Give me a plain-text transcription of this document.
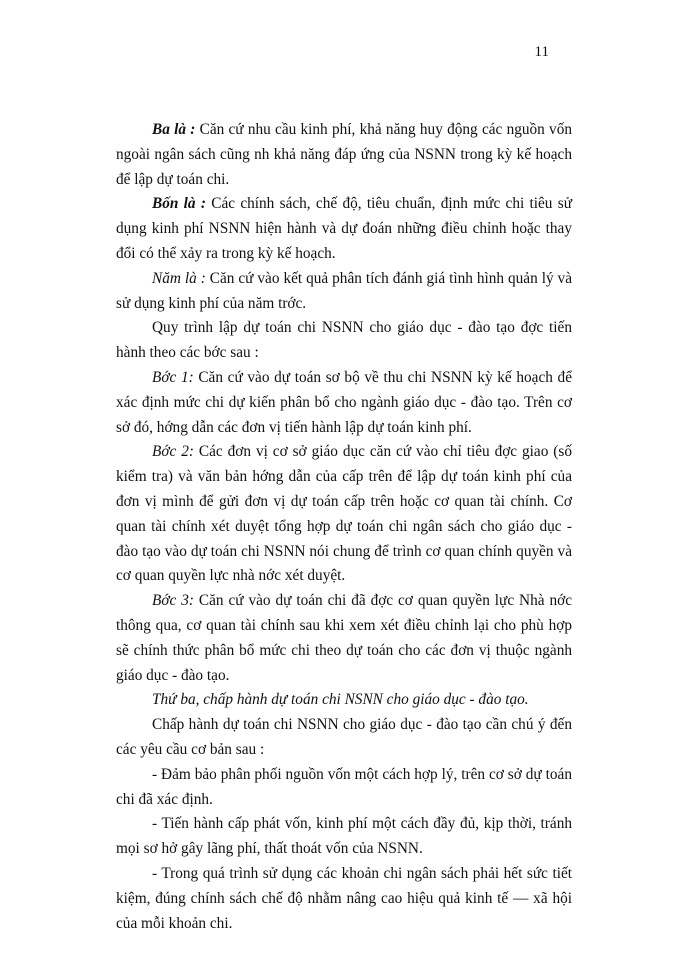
11

Ba là : Căn cứ nhu cầu kinh phí, khả năng huy động các nguồn vốn ngoài ngân sách cũng nh khả năng đáp ứng của NSNN trong kỳ kế hoạch để lập dự toán chi.

Bốn là : Các chính sách, chế độ, tiêu chuẩn, định mức chi tiêu sử dụng kinh phí NSNN hiện hành và dự đoán những điều chỉnh hoặc thay đổi có thể xảy ra trong kỳ kế hoạch.

Năm là : Căn cứ vào kết quả phân tích đánh giá tình hình quản lý và sử dụng kinh phí của năm trớc.

Quy trình lập dự toán chi NSNN cho giáo dục - đào tạo đợc tiến hành theo các bớc sau :

Bớc 1: Căn cứ vào dự toán sơ bộ về thu chi NSNN kỳ kế hoạch để xác định mức chi dự kiến phân bổ cho ngành giáo dục - đào tạo. Trên cơ sở đó, hớng dẫn các đơn vị tiến hành lập dự toán kinh phí.

Bớc 2: Các đơn vị cơ sở giáo dục căn cứ vào chỉ tiêu đợc giao (số kiểm tra) và văn bản hớng dẫn của cấp trên để lập dự toán kinh phí của đơn vị mình để gửi đơn vị dự toán cấp trên hoặc cơ quan tài chính. Cơ quan tài chính xét duyệt tổng hợp dự toán chi ngân sách cho giáo dục - đào tạo vào dự toán chi NSNN nói chung để trình cơ quan chính quyền và cơ quan quyền lực nhà nớc xét duyệt.

Bớc 3: Căn cứ vào dự toán chi đã đợc cơ quan quyền lực Nhà nớc thông qua, cơ quan tài chính sau khi xem xét điều chỉnh lại cho phù hợp sẽ chính thức phân bổ mức chi theo dự toán cho các đơn vị thuộc ngành giáo dục - đào tạo.

Thứ ba, chấp hành dự toán chi NSNN cho giáo dục - đào tạo.

Chấp hành dự toán chi NSNN cho giáo dục - đào tạo cần chú ý đến các yêu cầu cơ bản sau :

- Đảm bảo phân phối nguồn vốn một cách hợp lý, trên cơ sở dự toán chi đã xác định.

- Tiến hành cấp phát vốn, kinh phí một cách đầy đủ, kịp thời, tránh mọi sơ hở gây lãng phí, thất thoát vốn của NSNN.

- Trong quá trình sử dụng các khoản chi ngân sách phải hết sức tiết kiệm, đúng chính sách chế độ nhằm nâng cao hiệu quả kinh tế — xã hội của mỗi khoản chi.
